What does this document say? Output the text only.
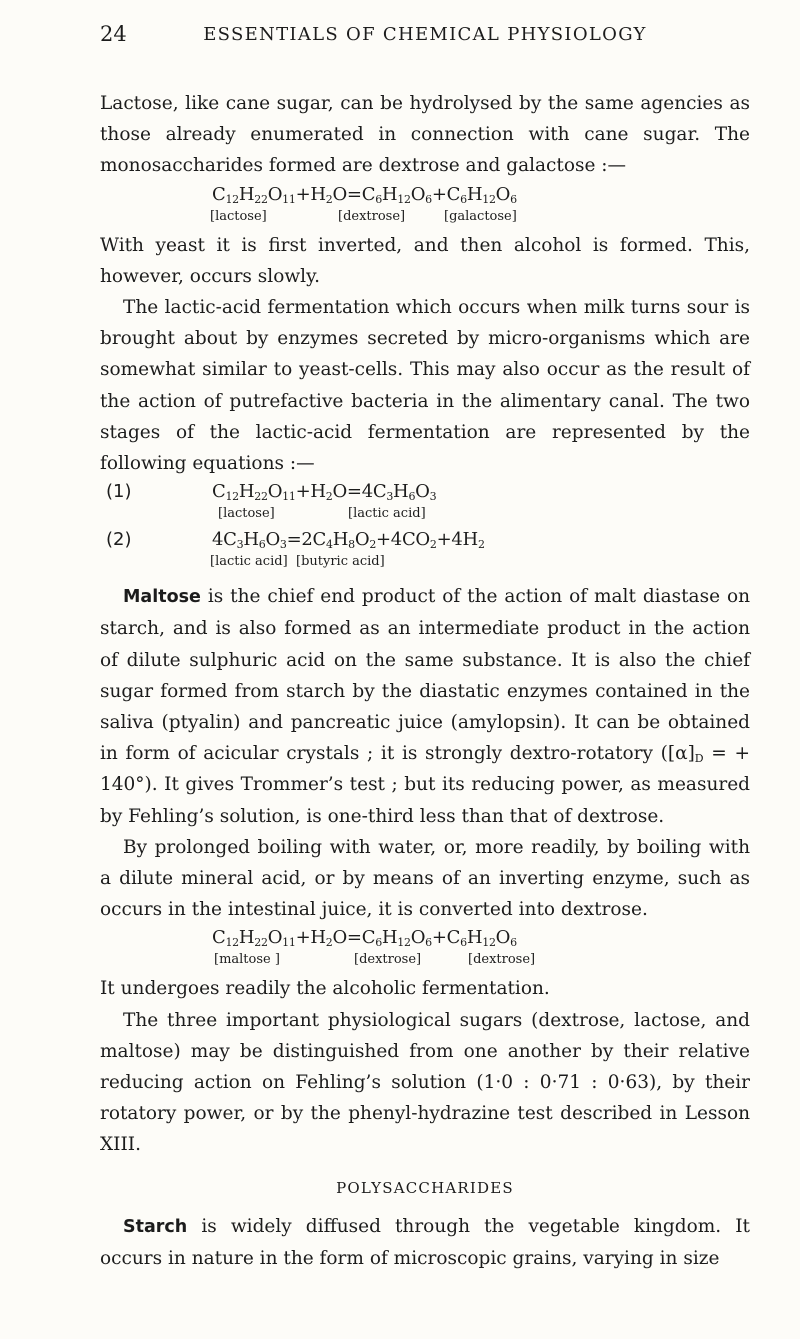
24	ESSENTIALS OF CHEMICAL PHYSIOLOGY

Lactose, like cane sugar, can be hydrolysed by the same agencies as those already enumerated in connection with cane sugar. The monosaccharides formed are dextrose and galactose :—

$C_{12}H_{22}O_{11}+H_2O=C_6H_{12}O_6+C_6H_{12}O_6$
[lactose]	[dextrose]	[galactose]

With yeast it is first inverted, and then alcohol is formed. This, however, occurs slowly.

The lactic-acid fermentation which occurs when milk turns sour is brought about by enzymes secreted by micro-organisms which are somewhat similar to yeast-cells. This may also occur as the result of the action of putrefactive bacteria in the alimentary canal. The two stages of the lactic-acid fermentation are represented by the following equations :—

(1)	$C_{12}H_{22}O_{11}+H_2O=4C_3H_6O_3$
[lactose]	[lactic acid]
(2)	$4C_3H_6O_3=2C_4H_8O_2+4CO_2+4H_2$
[lactic acid] [butyric acid]

Maltose is the chief end product of the action of malt diastase on starch, and is also formed as an intermediate product in the action of dilute sulphuric acid on the same substance. It is also the chief sugar formed from starch by the diastatic enzymes contained in the saliva (ptyalin) and pancreatic juice (amylopsin). It can be obtained in form of acicular crystals ; it is strongly dextro-rotatory ($[\alpha]_D$ = + 140°). It gives Trommer’s test ; but its reducing power, as measured by Fehling’s solution, is one-third less than that of dextrose.

By prolonged boiling with water, or, more readily, by boiling with a dilute mineral acid, or by means of an inverting enzyme, such as occurs in the intestinal juice, it is converted into dextrose.

$C_{12}H_{22}O_{11}+H_2O=C_6H_{12}O_6+C_6H_{12}O_6$
[maltose ]	[dextrose]	[dextrose]

It undergoes readily the alcoholic fermentation.

The three important physiological sugars (dextrose, lactose, and maltose) may be distinguished from one another by their relative reducing action on Fehling’s solution (1·0 : 0·71 : 0·63), by their rotatory power, or by the phenyl-hydrazine test described in Lesson XIII.

POLYSACCHARIDES

Starch is widely diffused through the vegetable kingdom. It occurs in nature in the form of microscopic grains, varying in size
